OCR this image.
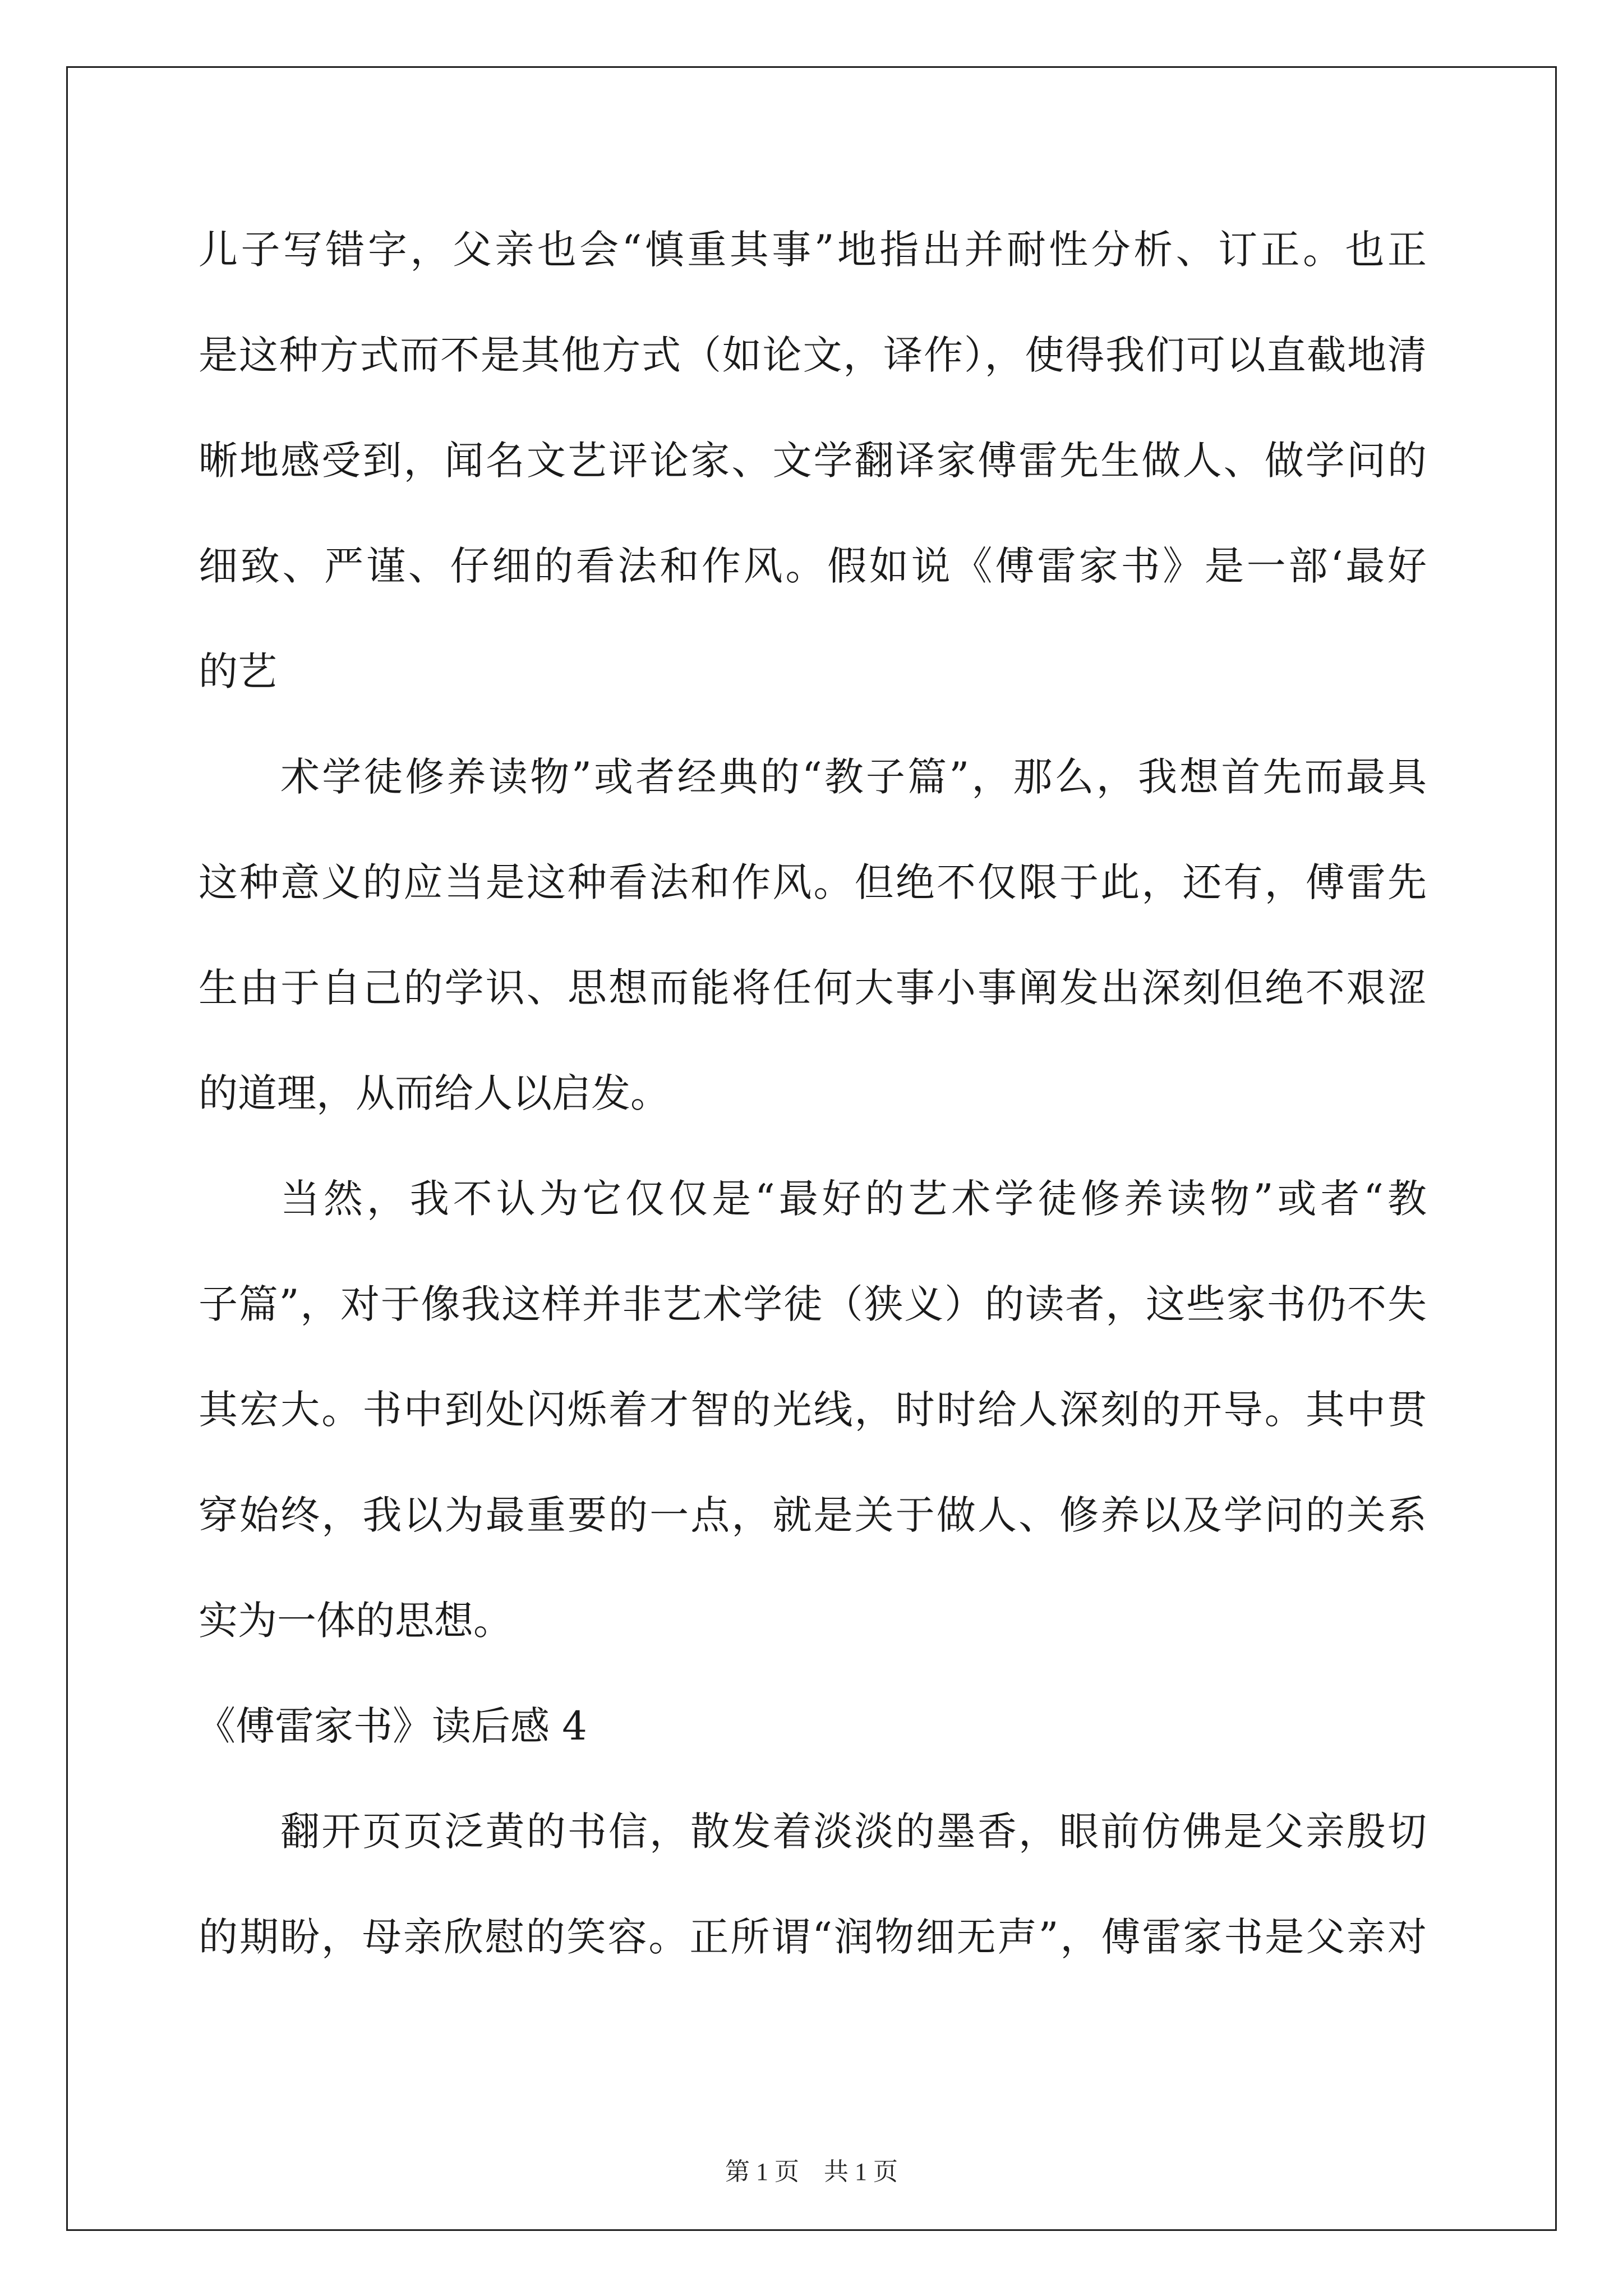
儿子写错字，父亲也会“慎重其事”地指出并耐性分析、订正。也正
是这种方式而不是其他方式（如论文，译作），使得我们可以直截地清
晰地感受到，闻名文艺评论家、文学翻译家傅雷先生做人、做学问的
细致、严谨、仔细的看法和作风。假如说《傅雷家书》是一部‘最好
的艺
术学徒修养读物”或者经典的“教子篇”，那么，我想首先而最具
这种意义的应当是这种看法和作风。但绝不仅限于此，还有，傅雷先
生由于自己的学识、思想而能将任何大事小事阐发出深刻但绝不艰涩
的道理，从而给人以启发。
当然，我不认为它仅仅是“最好的艺术学徒修养读物”或者“教
子篇”，对于像我这样并非艺术学徒（狭义）的读者，这些家书仍不失
其宏大。书中到处闪烁着才智的光线，时时给人深刻的开导。其中贯
穿始终，我以为最重要的一点，就是关于做人、修养以及学问的关系
实为一体的思想。
《傅雷家书》读后感 4
翻开页页泛黄的书信，散发着淡淡的墨香，眼前仿佛是父亲殷切
的期盼，母亲欣慰的笑容。正所谓“润物细无声”，傅雷家书是父亲对
第 1 页　共 1 页
